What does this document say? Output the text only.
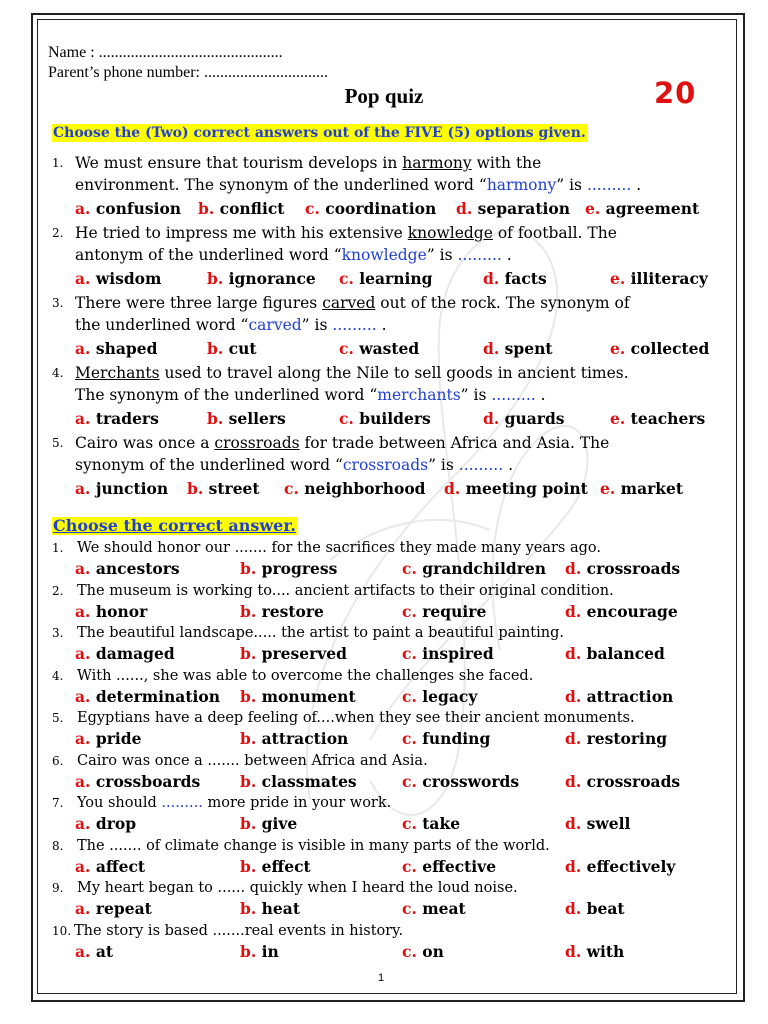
Name : ..............................................
Parent’s phone number: ...............................
Pop quiz	20
Choose the (Two) correct answers out of the FIVE (5) options given.
1. We must ensure that tourism develops in harmony with the
environment. The synonym of the underlined word “harmony” is ......... .
a. confusion b. conflict c. coordination d. separation e. agreement
2. He tried to impress me with his extensive knowledge of football. The
antonym of the underlined word “knowledge” is ......... .
a. wisdom	b. ignorance c. learning	d. facts	e. illiteracy
3. There were three large figures carved out of the rock. The synonym of
the underlined word “carved” is ......... .
a. shaped	b. cut	c. wasted	d. spent	e. collected
4. Merchants used to travel along the Nile to sell goods in ancient times.
The synonym of the underlined word “merchants” is ......... .
a. traders	b. sellers	c. builders	d. guards	e. teachers
5. Cairo was once a crossroads for trade between Africa and Asia. The
synonym of the underlined word “crossroads” is ......... .
a. junction b. street c. neighborhood d. meeting point e. market
Choose the correct answer.
1. We should honor our ....... for the sacrifices they made many years ago.
a. ancestors	b. progress	c. grandchildren d. crossroads
2. The museum is working to.... ancient artifacts to their original condition.
a. honor	b. restore	c. require	d. encourage
3. The beautiful landscape..... the artist to paint a beautiful painting.
a. damaged	b. preserved	c. inspired	d. balanced
4. With ......, she was able to overcome the challenges she faced.
a. determination b. monument	c. legacy	d. attraction
5. Egyptians have a deep feeling of....when they see their ancient monuments.
a. pride	b. attraction	c. funding	d. restoring
6. Cairo was once a ....... between Africa and Asia.
a. crossboards	b. classmates	c. crosswords	d. crossroads
7. You should ......... more pride in your work.
a. drop	b. give	c. take	d. swell
8. The ....... of climate change is visible in many parts of the world.
a. affect	b. effect	c. effective	d. effectively
9. My heart began to ...... quickly when I heard the loud noise.
a. repeat	b. heat	c. meat	d. beat
10. The story is based .......real events in history.
a. at	b. in	c. on	d. with
1
